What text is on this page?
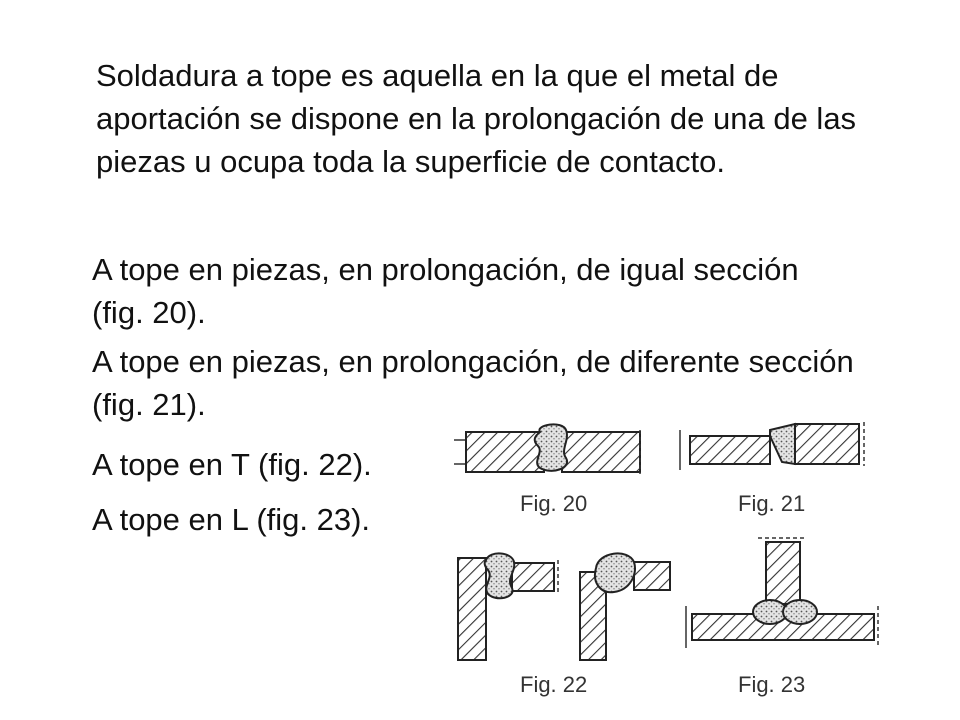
Soldadura a tope es aquella en la que el metal de aportación se dispone en la prolongación de una de las piezas u ocupa toda la superficie de contacto.

A tope en piezas, en prolongación, de igual sección (fig. 20).

A tope en piezas, en prolongación, de diferente sección (fig. 21).

A tope en T (fig. 22).

A tope en L (fig. 23).	Fig. 20	Fig. 21
Fig. 22	Fig. 23
